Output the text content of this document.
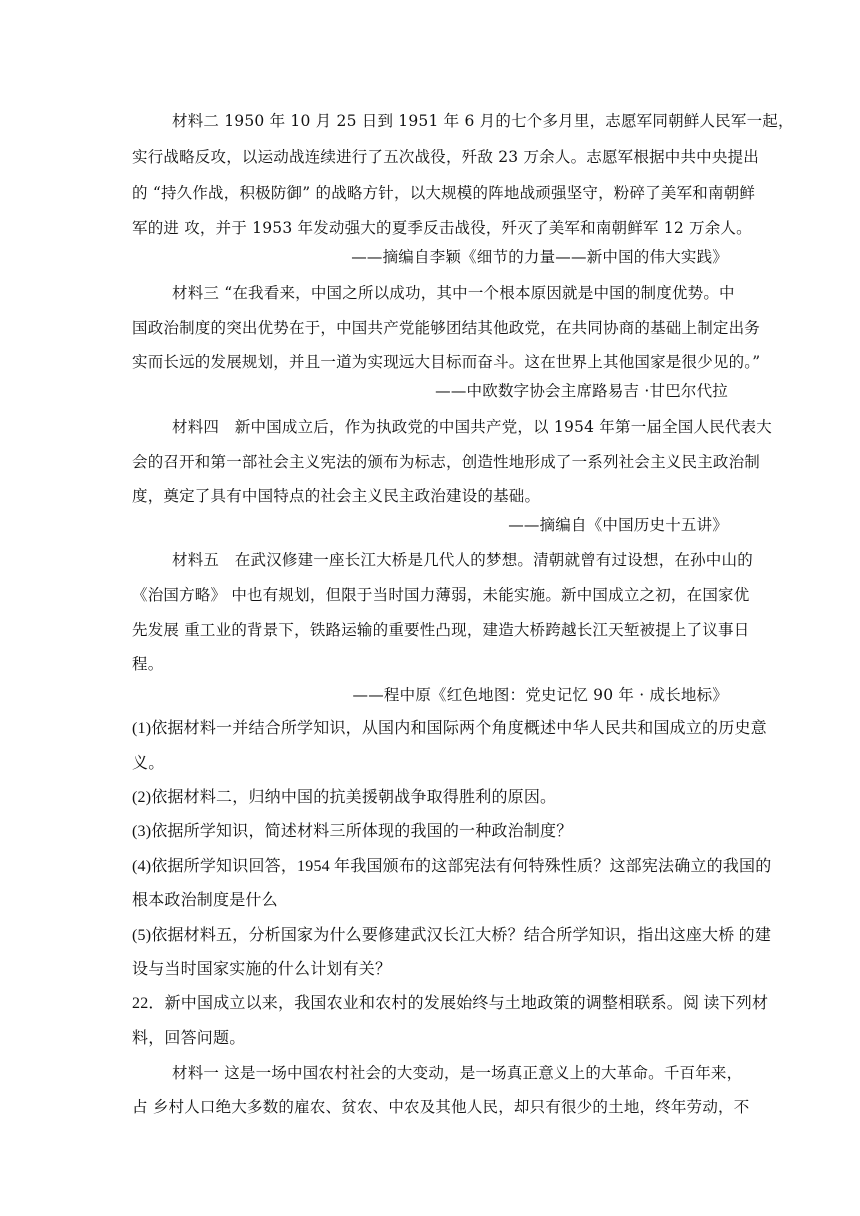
材料二 1950 年 10 月 25 日到 1951 年 6 月的七个多月里，志愿军同朝鲜人民军一起，
实行战略反攻，以运动战连续进行了五次战役，歼敌 23 万余人。志愿军根据中共中央提出
的 “持久作战，积极防御” 的战略方针，以大规模的阵地战顽强坚守，粉碎了美军和南朝鲜
军的进 攻，并于 1953 年发动强大的夏季反击战役，歼灭了美军和南朝鲜军 12 万余人。
——摘编自李颖《细节的力量——新中国的伟大实践》
材料三 “在我看来，中国之所以成功，其中一个根本原因就是中国的制度优势。中
国政治制度的突出优势在于，中国共产党能够团结其他政党，在共同协商的基础上制定出务
实而长远的发展规划，并且一道为实现远大目标而奋斗。这在世界上其他国家是很少见的。”
——中欧数字协会主席路易吉 ·甘巴尔代拉
材料四　新中国成立后，作为执政党的中国共产党，以 1954 年第一届全国人民代表大
会的召开和第一部社会主义宪法的颁布为标志，创造性地形成了一系列社会主义民主政治制
度，奠定了具有中国特点的社会主义民主政治建设的基础。
——摘编自《中国历史十五讲》
材料五　在武汉修建一座长江大桥是几代人的梦想。清朝就曾有过设想，在孙中山的
《治国方略》 中也有规划，但限于当时国力薄弱，未能实施。新中国成立之初，在国家优
先发展 重工业的背景下，铁路运输的重要性凸现，建造大桥跨越长江天堑被提上了议事日
程。
——程中原《红色地图：党史记忆 90 年 · 成长地标》
(1)依据材料一并结合所学知识，从国内和国际两个角度概述中华人民共和国成立的历史意
义。
(2)依据材料二，归纳中国的抗美援朝战争取得胜利的原因。
(3)依据所学知识，简述材料三所体现的我国的一种政治制度？
(4)依据所学知识回答，1954 年我国颁布的这部宪法有何特殊性质？这部宪法确立的我国的
根本政治制度是什么
(5)依据材料五，分析国家为什么要修建武汉长江大桥？结合所学知识，指出这座大桥 的建
设与当时国家实施的什么计划有关？
22．新中国成立以来，我国农业和农村的发展始终与土地政策的调整相联系。阅 读下列材
料，回答问题。
材料一 这是一场中国农村社会的大变动，是一场真正意义上的大革命。千百年来，
占 乡村人口绝大多数的雇农、贫农、中农及其他人民，却只有很少的土地，终年劳动，不
